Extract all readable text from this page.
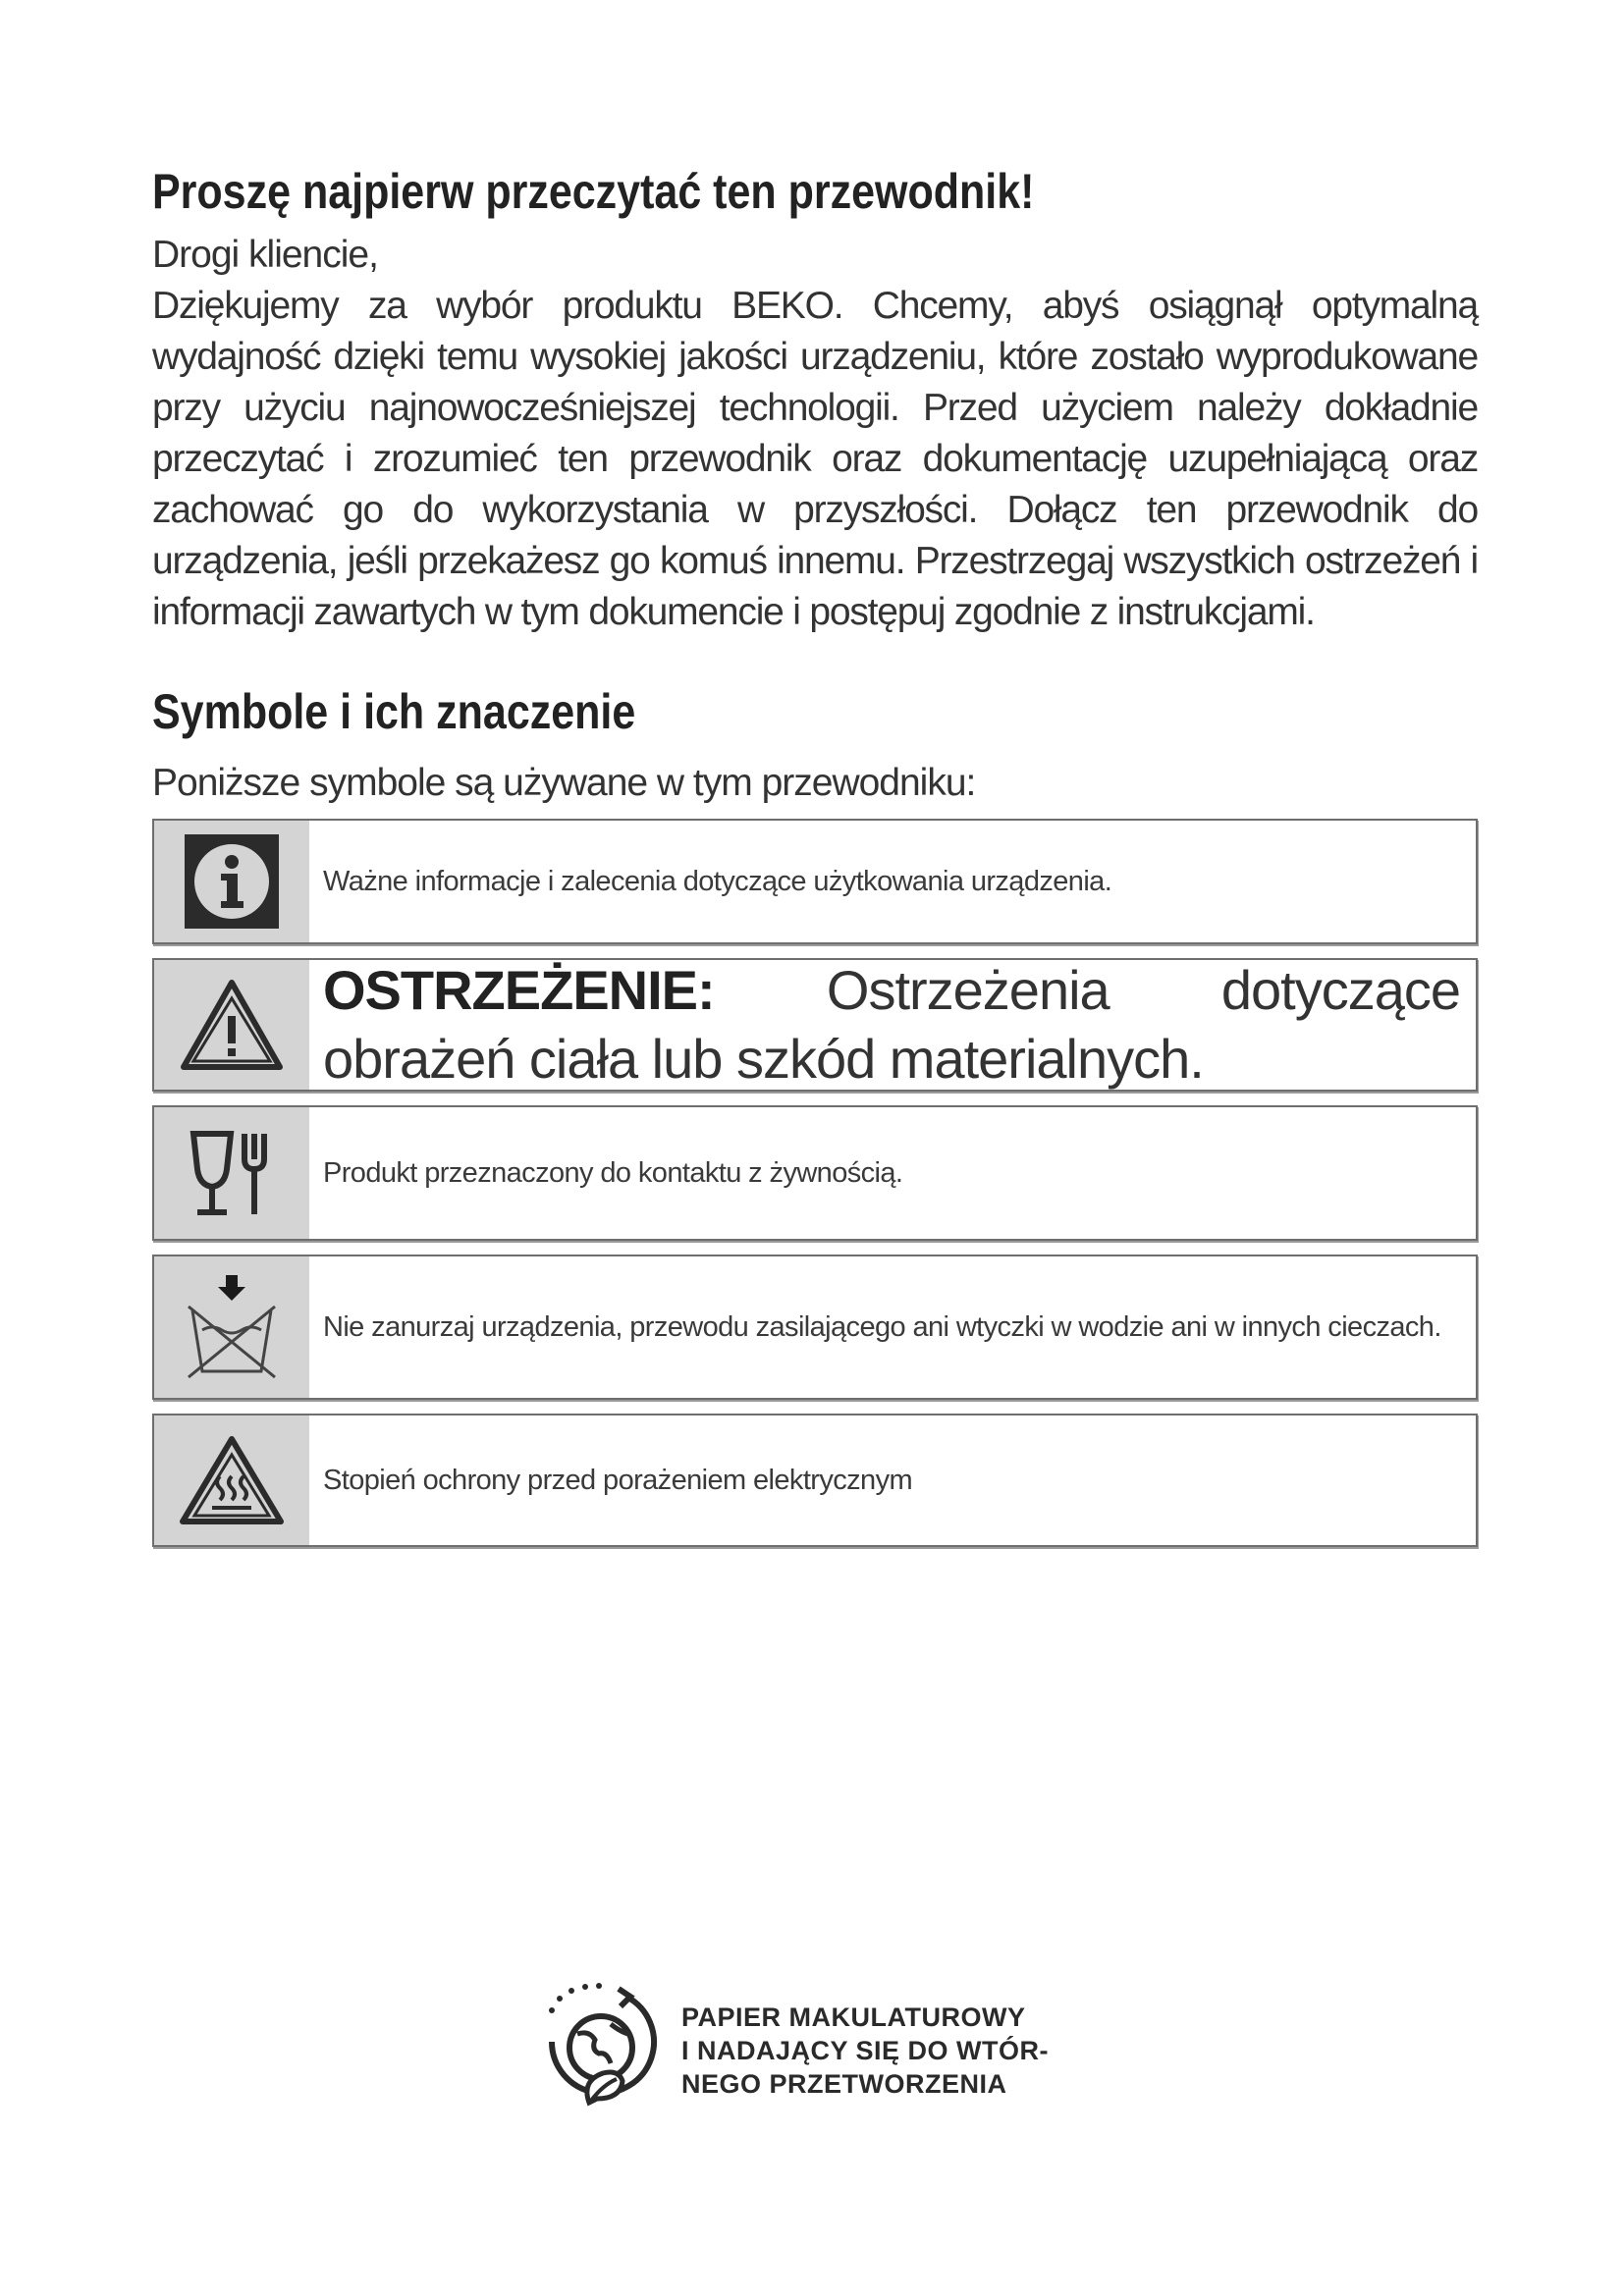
Proszę najpierw przeczytać ten przewodnik!

Drogi kliencie,

Dziękujemy za wybór produktu BEKO. Chcemy, abyś osiągnął optymalną wydajność dzięki temu wysokiej jakości urządzeniu, które zostało wyprodukowane przy użyciu najnowocześniejszej technologii. Przed użyciem należy dokładnie przeczytać i zrozumieć ten przewodnik oraz dokumentację uzupełniającą oraz zachować go do wykorzystania w przyszłości. Dołącz ten przewodnik do urządzenia, jeśli przekażesz go komuś innemu. Przestrzegaj wszystkich ostrzeżeń i informacji zawartych w tym dokumencie i postępuj zgodnie z instrukcjami.

Symbole i ich znaczenie

Poniższe symbole są używane w tym przewodniku:

Ważne informacje i zalecenia dotyczące użytkowania urządzenia.
OSTRZEŻENIE: Ostrzeżenia dotyczące obrażeń ciała lub szkód materialnych.
Produkt przeznaczony do kontaktu z żywnością.
Nie zanurzaj urządzenia, przewodu zasilającego ani wtyczki w wodzie ani w innych cieczach.
Stopień ochrony przed porażeniem elektrycznym
PAPIER MAKULATUROWY
I NADAJĄCY SIĘ DO WTÓR-
NEGO PRZETWORZENIA
